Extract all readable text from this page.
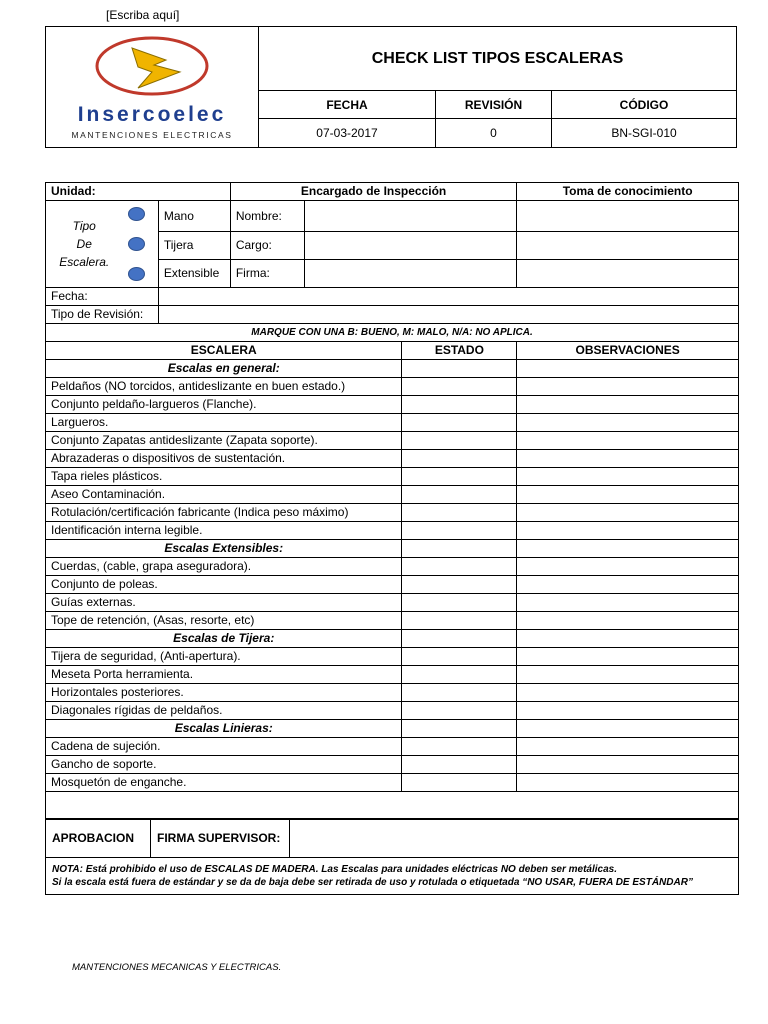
[Escriba aquí]
Insercoelec
MANTENCIONES ELECTRICAS	CHECK LIST TIPOS ESCALERAS		
	FECHA	REVISIÓN	CÓDIGO
	07-03-2017	0	BN-SGI-010
Unidad:		Encargado de Inspección			Toma de conocimiento

Tipo
De
Escalera.	Mano	Nombre:			
	Tijera	Cargo:			
	Extensible	Firma:			
Fecha:					
Tipo de Revisión:					
MARQUE CON UNA B: BUENO, M: MALO, N/A: NO APLICA.					
ESCALERA				ESTADO	OBSERVACIONES
Escalas en general:					
Peldaños (NO torcidos, antideslizante en buen estado.)					
Conjunto peldaño-largueros (Flanche).					
Largueros.					
Conjunto Zapatas antideslizante (Zapata soporte).					
Abrazaderas o dispositivos de sustentación.					
Tapa rieles plásticos.					
Aseo Contaminación.					
Rotulación/certificación fabricante (Indica peso máximo)					
Identificación interna legible.					
Escalas Extensibles:					
Cuerdas, (cable, grapa aseguradora).					
Conjunto de poleas.					
Guías externas.					
Tope de retención, (Asas, resorte, etc)					
Escalas de Tijera:					
Tijera de seguridad, (Anti-apertura).					
Meseta Porta herramienta.					
Horizontales posteriores.					
Diagonales rígidas de peldaños.					
Escalas Linieras:					
Cadena de sujeción.					
Gancho de soporte.					
Mosquetón de enganche.					

APROBACION	FIRMA SUPERVISOR:	
NOTA: Está prohibido el uso de ESCALAS DE MADERA. Las Escalas para unidades eléctricas NO deben ser metálicas.
Si la escala está fuera de estándar y se da de baja debe ser retirada de uso y rotulada o etiquetada “NO USAR, FUERA DE ESTÁNDAR”
MANTENCIONES MECANICAS Y ELECTRICAS.
